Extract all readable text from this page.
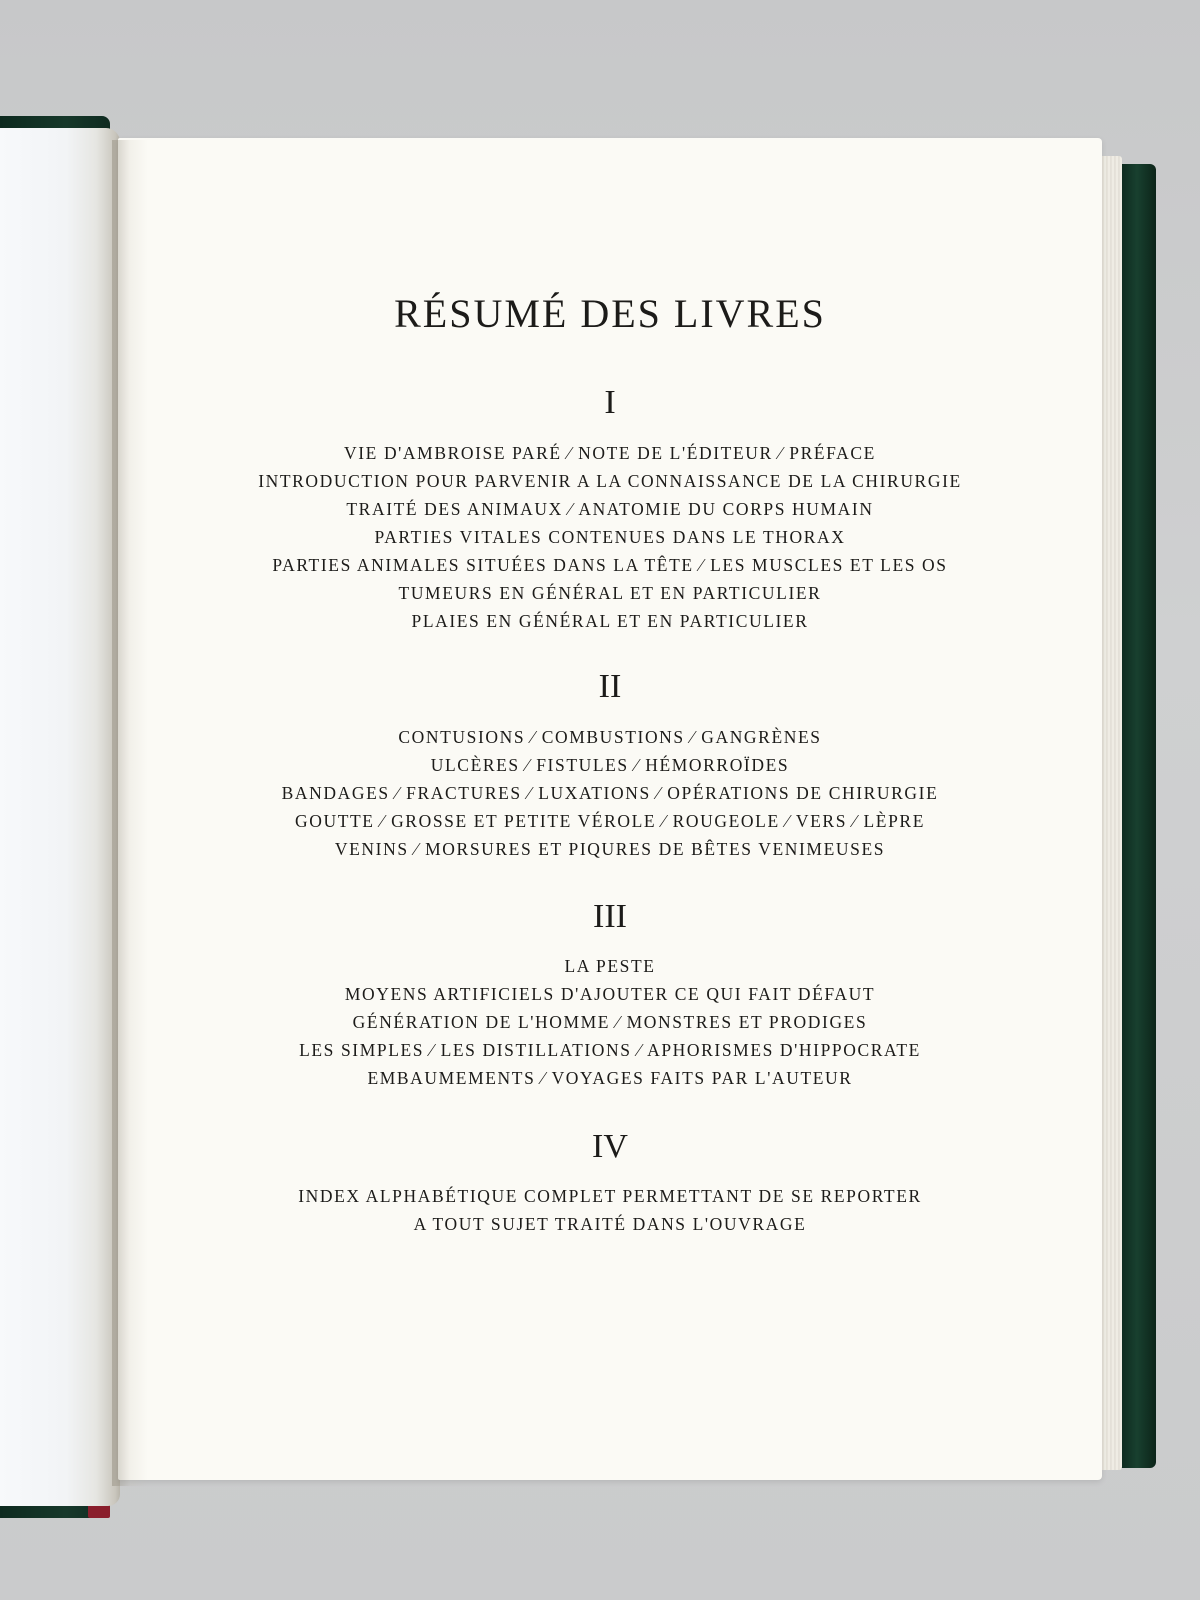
RÉSUMÉ DES LIVRES
I
VIE D'AMBROISE PARÉ ⁄ NOTE DE L'ÉDITEUR ⁄ PRÉFACE
INTRODUCTION POUR PARVENIR A LA CONNAISSANCE DE LA CHIRURGIE
TRAITÉ DES ANIMAUX ⁄ ANATOMIE DU CORPS HUMAIN
PARTIES VITALES CONTENUES DANS LE THORAX
PARTIES ANIMALES SITUÉES DANS LA TÊTE ⁄ LES MUSCLES ET LES OS
TUMEURS EN GÉNÉRAL ET EN PARTICULIER
PLAIES EN GÉNÉRAL ET EN PARTICULIER
II
CONTUSIONS ⁄ COMBUSTIONS ⁄ GANGRÈNES
ULCÈRES ⁄ FISTULES ⁄ HÉMORROÏDES
BANDAGES ⁄ FRACTURES ⁄ LUXATIONS ⁄ OPÉRATIONS DE CHIRURGIE
GOUTTE ⁄ GROSSE ET PETITE VÉROLE ⁄ ROUGEOLE ⁄ VERS ⁄ LÈPRE
VENINS ⁄ MORSURES ET PIQURES DE BÊTES VENIMEUSES
III
LA PESTE
MOYENS ARTIFICIELS D'AJOUTER CE QUI FAIT DÉFAUT
GÉNÉRATION DE L'HOMME ⁄ MONSTRES ET PRODIGES
LES SIMPLES ⁄ LES DISTILLATIONS ⁄ APHORISMES D'HIPPOCRATE
EMBAUMEMENTS ⁄ VOYAGES FAITS PAR L'AUTEUR
IV
INDEX ALPHABÉTIQUE COMPLET PERMETTANT DE SE REPORTER
A TOUT SUJET TRAITÉ DANS L'OUVRAGE
